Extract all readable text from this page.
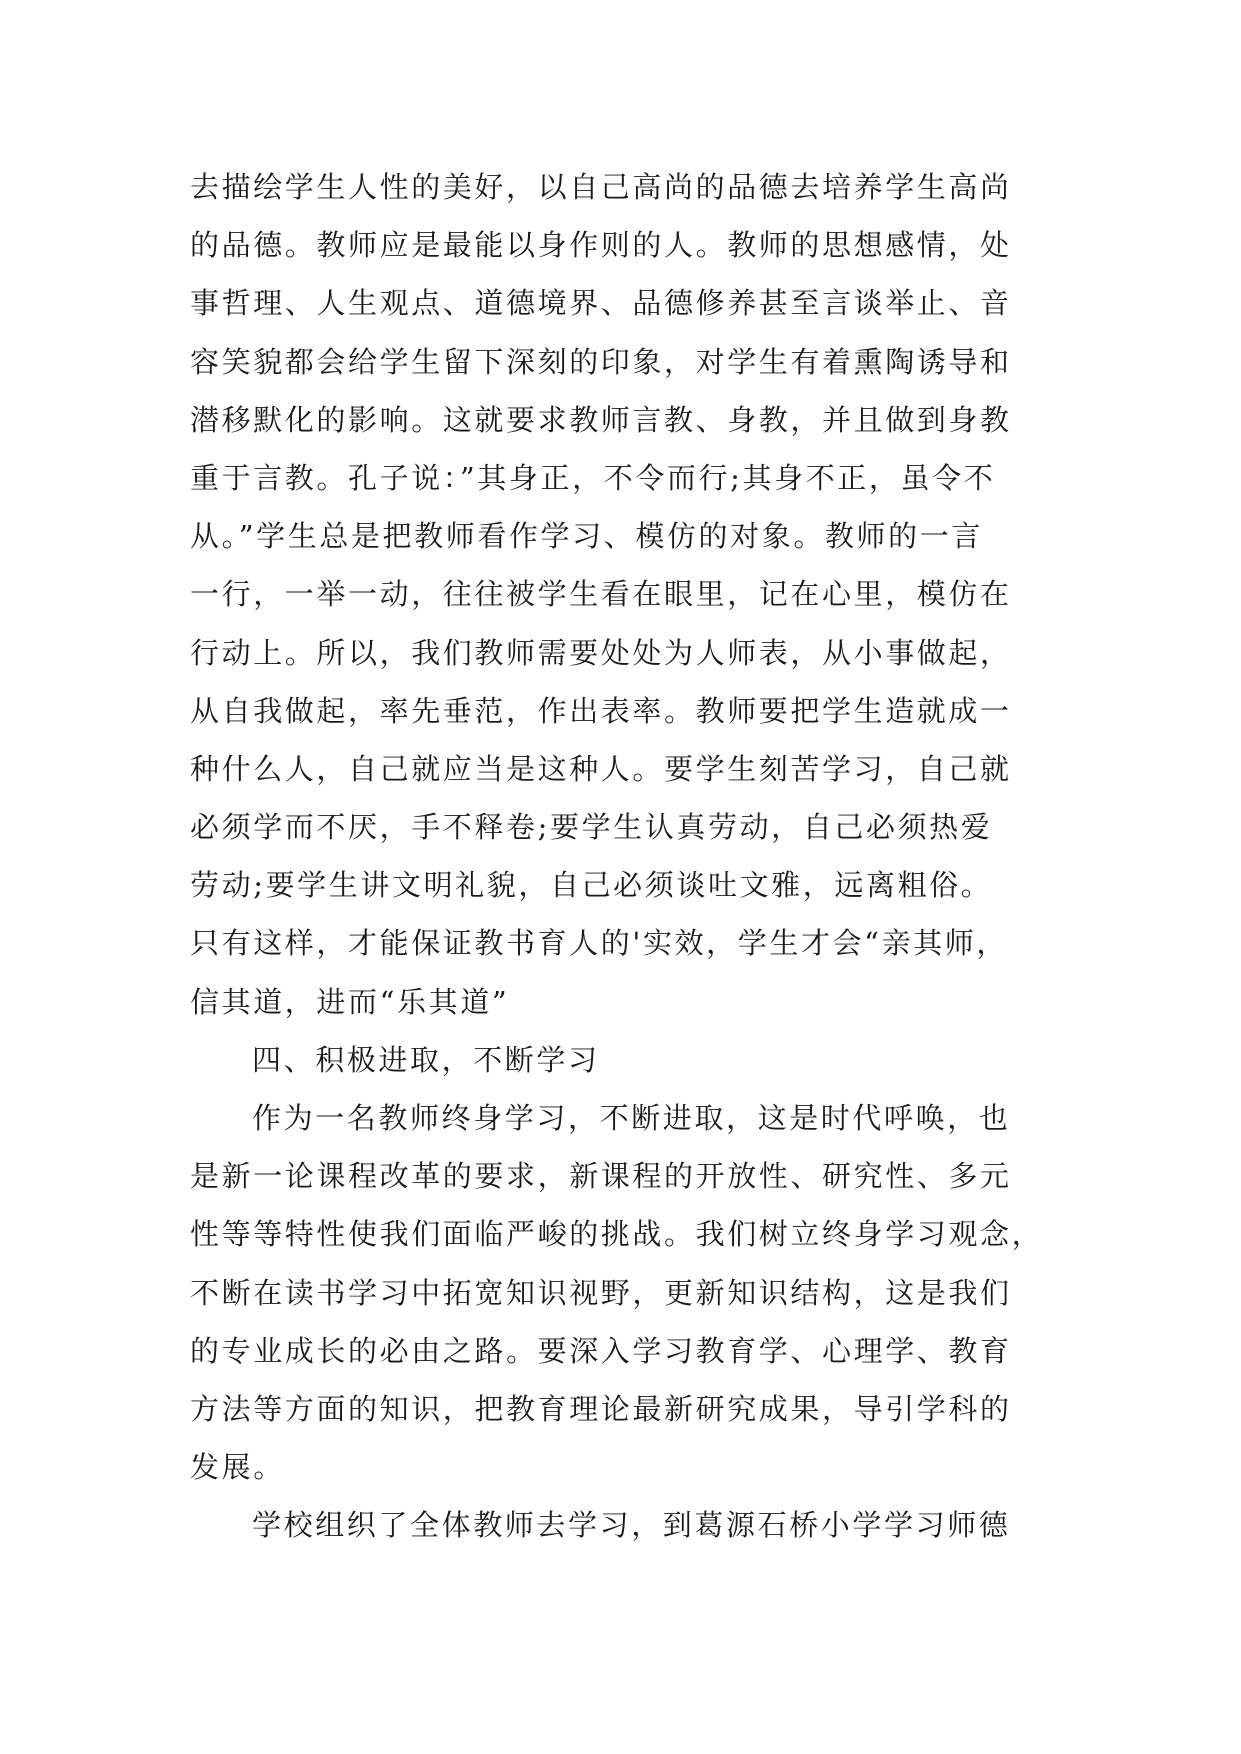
去描绘学生人性的美好，以自己高尚的品德去培养学生高尚
的品德。教师应是最能以身作则的人。教师的思想感情，处
事哲理、人生观点、道德境界、品德修养甚至言谈举止、音
容笑貌都会给学生留下深刻的印象，对学生有着熏陶诱导和
潜移默化的影响。这就要求教师言教、身教，并且做到身教
重于言教。孔子说：”其身正，不令而行;其身不正，虽令不
从。”学生总是把教师看作学习、模仿的对象。教师的一言
一行，一举一动，往往被学生看在眼里，记在心里，模仿在
行动上。所以，我们教师需要处处为人师表，从小事做起，
从自我做起，率先垂范，作出表率。教师要把学生造就成一
种什么人，自己就应当是这种人。要学生刻苦学习，自己就
必须学而不厌，手不释卷;要学生认真劳动，自己必须热爱
劳动;要学生讲文明礼貌，自己必须谈吐文雅，远离粗俗。
只有这样，才能保证教书育人的'实效，学生才会“亲其师，
信其道，进而“乐其道”
四、积极进取，不断学习
作为一名教师终身学习，不断进取，这是时代呼唤，也
是新一论课程改革的要求，新课程的开放性、研究性、多元
性等等特性使我们面临严峻的挑战。我们树立终身学习观念，
不断在读书学习中拓宽知识视野，更新知识结构，这是我们
的专业成长的必由之路。要深入学习教育学、心理学、教育
方法等方面的知识，把教育理论最新研究成果，导引学科的
发展。
学校组织了全体教师去学习，到葛源石桥小学学习师德
